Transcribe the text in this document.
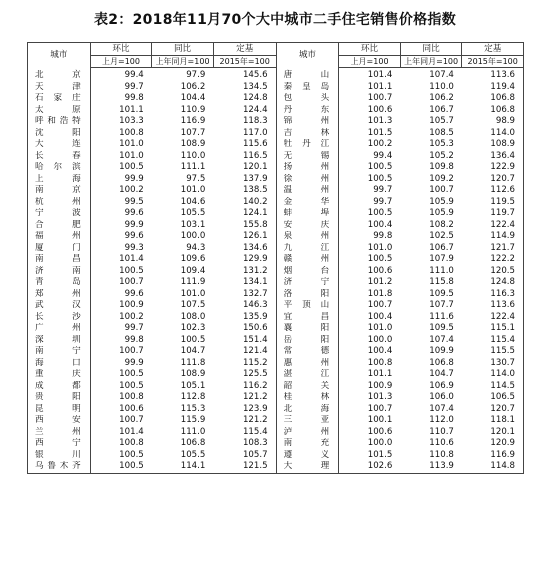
表2：2018年11月70个大中城市二手住宅销售价格指数
城市	环比	同比	定基	城市	环比	同比	定基
	上月=100	上年同月=100	2015年=100		上月=100	上年同月=100	2015年=100
北京	99.4	97.9	145.6	唐山	101.4	107.4	113.6
天津	99.7	106.2	134.5	秦皇岛	101.1	110.0	119.4
石家庄	99.8	104.4	124.8	包头	100.7	106.2	106.8
太原	101.1	110.9	124.4	丹东	100.6	106.7	106.8
呼和浩特	103.3	116.9	118.3	锦州	101.3	105.7	98.9
沈阳	100.8	107.7	117.0	吉林	101.5	108.5	114.0
大连	101.0	108.9	115.6	牡丹江	100.2	105.3	108.9
长春	101.0	110.0	116.5	无锡	99.4	105.2	136.4
哈尔滨	100.5	111.1	120.1	扬州	100.5	109.8	122.9
上海	99.9	97.5	137.9	徐州	100.5	109.2	120.7
南京	100.2	101.0	138.5	温州	99.7	100.7	112.6
杭州	99.5	104.6	140.2	金华	99.7	105.9	119.5
宁波	99.6	105.5	124.1	蚌埠	100.5	105.9	119.7
合肥	99.9	103.1	155.8	安庆	100.4	108.2	122.4
福州	99.6	100.0	126.1	泉州	99.8	102.5	114.9
厦门	99.3	94.3	134.6	九江	101.0	106.7	121.7
南昌	101.4	109.6	129.9	赣州	100.5	107.9	122.2
济南	100.5	109.4	131.2	烟台	100.6	111.0	120.5
青岛	100.7	111.9	134.1	济宁	101.2	115.8	124.8
郑州	99.6	101.0	132.7	洛阳	101.8	109.5	116.3
武汉	100.9	107.5	146.3	平顶山	100.7	107.7	113.6
长沙	100.2	108.0	135.9	宜昌	100.4	111.6	122.4
广州	99.7	102.3	150.6	襄阳	101.0	109.5	115.1
深圳	99.8	100.5	151.4	岳阳	100.0	107.4	115.4
南宁	100.7	104.7	121.4	常德	100.4	109.9	115.5
海口	99.9	111.8	115.2	惠州	100.8	106.8	130.7
重庆	100.5	108.9	125.5	湛江	101.1	104.7	114.0
成都	100.5	105.1	116.2	韶关	100.9	106.9	114.5
贵阳	100.8	112.8	121.2	桂林	101.3	106.0	106.5
昆明	100.6	115.3	123.9	北海	100.7	107.4	120.7
西安	100.7	115.9	121.2	三亚	100.1	112.0	118.1
兰州	101.4	111.0	115.4	泸州	100.6	110.7	120.1
西宁	100.8	106.8	108.3	南充	100.0	110.6	120.9
银川	100.5	105.5	105.7	遵义	101.5	110.8	116.9
乌鲁木齐	100.5	114.1	121.5	大理	102.6	113.9	114.8
